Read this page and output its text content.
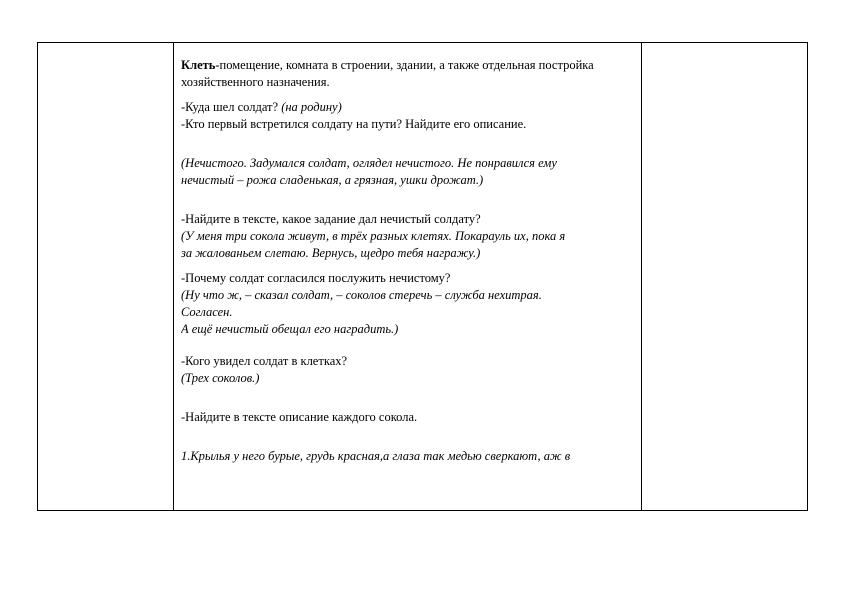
Клеть-помещение, комната в строении, здании, а также отдельная постройка
хозяйственного назначения.
-Куда шел солдат? (на родину)
-Кто первый встретился солдату на пути? Найдите его описание.
(Нечистого. Задумался солдат, оглядел нечистого. Не понравился ему
нечистый – рожа сладенькая, а грязная, ушки дрожат.)
-Найдите в тексте, какое задание дал нечистый солдату?
(У меня три сокола живут, в трёх разных клетях. Покарауль их, пока я
за жалованьем слетаю. Вернусь, щедро тебя награжу.)
-Почему солдат согласился послужить нечистому?
(Ну что ж, – сказал солдат, – соколов стеречь – служба нехитрая.
Согласен.
А ещё нечистый обещал его наградить.)
-Кого увидел солдат в клетках?
(Трех соколов.)
-Найдите в тексте описание каждого сокола.
1.Крылья у него бурые, грудь красная,а глаза так медью сверкают, аж в
